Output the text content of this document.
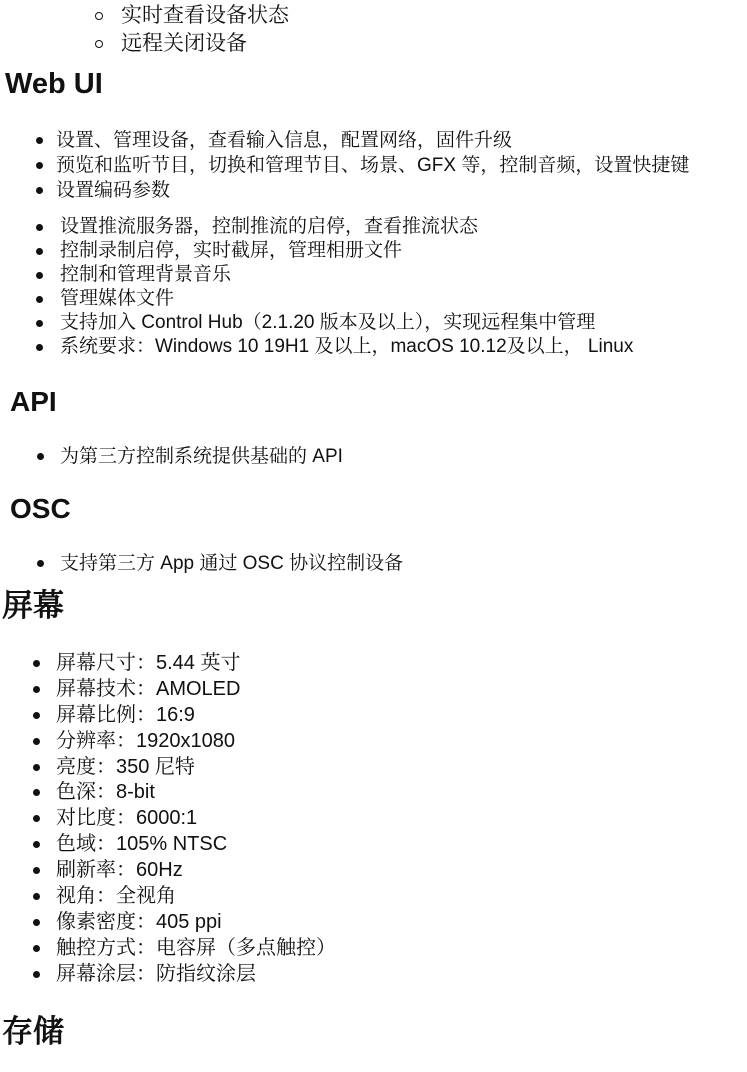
实时查看设备状态
远程关闭设备
Web UI
设置、管理设备，查看输入信息，配置网络，固件升级
预览和监听节目，切换和管理节目、场景、GFX 等，控制音频，设置快捷键
设置编码参数
设置推流服务器，控制推流的启停，查看推流状态
控制录制启停，实时截屏，管理相册文件
控制和管理背景音乐
管理媒体文件
支持加入 Control Hub（2.1.20 版本及以上），实现远程集中管理
系统要求：Windows 10 19H1 及以上，macOS 10.12及以上， Linux
API
为第三方控制系统提供基础的 API
OSC
支持第三方 App 通过 OSC 协议控制设备
屏幕
屏幕尺寸：5.44 英寸
屏幕技术：AMOLED
屏幕比例：16:9
分辨率：1920x1080
亮度：350 尼特
色深：8-bit
对比度：6000:1
色域：105% NTSC
刷新率：60Hz
视角：全视角
像素密度：405 ppi
触控方式：电容屏（多点触控）
屏幕涂层：防指纹涂层
存储
